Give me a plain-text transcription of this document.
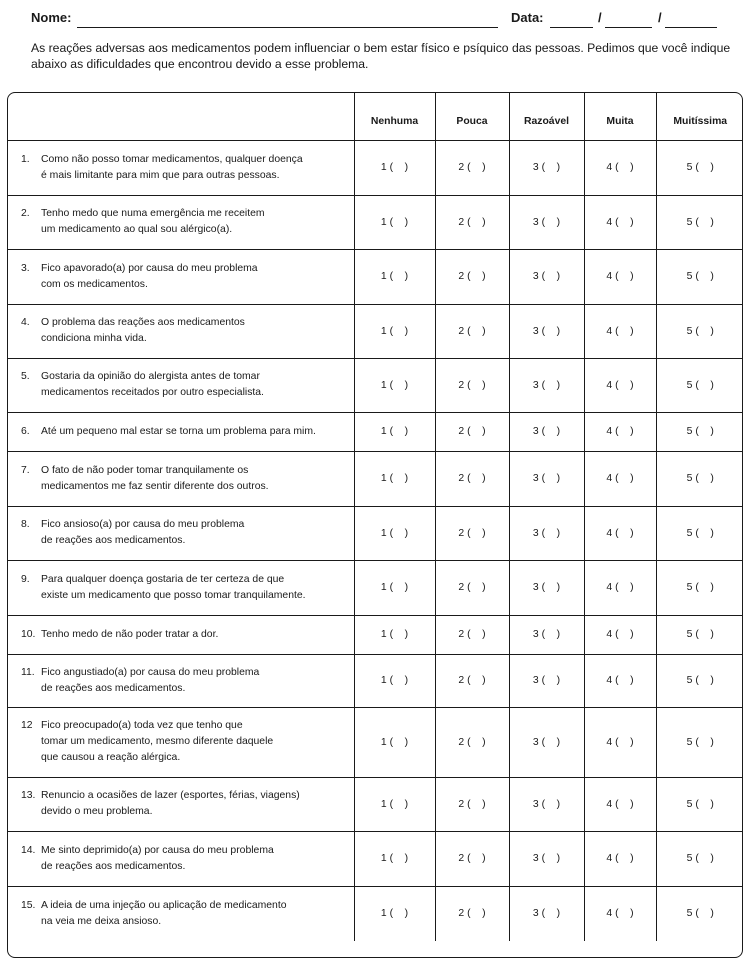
Nome:	Data:	/	/

As reações adversas aos medicamentos podem influenciar o bem estar físico e psíquico das pessoas. Pedimos que você indique abaixo as dificuldades que encontrou devido a esse problema.

	Nenhuma	Pouca	Razoável	Muita	Muitíssima

1. Como não posso tomar medicamentos, qualquer doença
é mais limitante para mim que para outras pessoas.	1 (    )	2 (    )	3 (    )	4 (    )	5 (    )

2. Tenho medo que numa emergência me receitem
um medicamento ao qual sou alérgico(a).	1 (    )	2 (    )	3 (    )	4 (    )	5 (    )

3. Fico apavorado(a) por causa do meu problema
com os medicamentos.	1 (    )	2 (    )	3 (    )	4 (    )	5 (    )

4. O problema das reações aos medicamentos
condiciona minha vida.	1 (    )	2 (    )	3 (    )	4 (    )	5 (    )

5. Gostaria da opinião do alergista antes de tomar
medicamentos receitados por outro especialista.	1 (    )	2 (    )	3 (    )	4 (    )	5 (    )

6. Até um pequeno mal estar se torna um problema para mim.	1 (    )	2 (    )	3 (    )	4 (    )	5 (    )

7. O fato de não poder tomar tranquilamente os
medicamentos me faz sentir diferente dos outros.	1 (    )	2 (    )	3 (    )	4 (    )	5 (    )

8. Fico ansioso(a) por causa do meu problema
de reações aos medicamentos.	1 (    )	2 (    )	3 (    )	4 (    )	5 (    )

9. Para qualquer doença gostaria de ter certeza de que
existe um medicamento que posso tomar tranquilamente.	1 (    )	2 (    )	3 (    )	4 (    )	5 (    )

10. Tenho medo de não poder tratar a dor.	1 (    )	2 (    )	3 (    )	4 (    )	5 (    )

11. Fico angustiado(a) por causa do meu problema
de reações aos medicamentos.	1 (    )	2 (    )	3 (    )	4 (    )	5 (    )

12 Fico preocupado(a) toda vez que tenho que
tomar um medicamento, mesmo diferente daquele
que causou a reação alérgica.	1 (    )	2 (    )	3 (    )	4 (    )	5 (    )

13. Renuncio a ocasiões de lazer (esportes, férias, viagens)
devido o meu problema.	1 (    )	2 (    )	3 (    )	4 (    )	5 (    )

14. Me sinto deprimido(a) por causa do meu problema
de reações aos medicamentos.	1 (    )	2 (    )	3 (    )	4 (    )	5 (    )

15. A ideia de uma injeção ou aplicação de medicamento
na veia me deixa ansioso.	1 (    )	2 (    )	3 (    )	4 (    )	5 (    )
